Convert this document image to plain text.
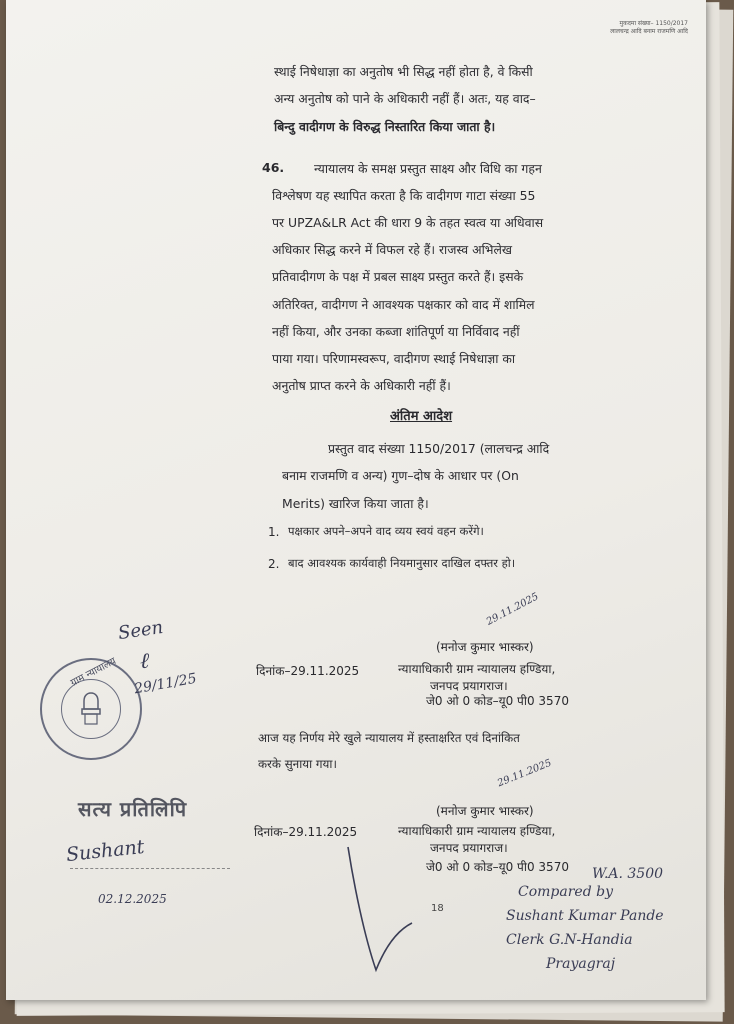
मुकदमा संख्या– 1150/2017
लालचन्द्र आदि बनाम राजमणि आदि
स्थाई निषेधाज्ञा का अनुतोष भी सिद्ध नहीं होता है, वे किसी
अन्य अनुतोष को पाने के अधिकारी नहीं हैं। अतः, यह वाद–
बिन्दु वादीगण के विरुद्ध निस्तारित किया जाता है।
46. न्यायालय के समक्ष प्रस्तुत साक्ष्य और विधि का गहन
विश्लेषण यह स्थापित करता है कि वादीगण गाटा संख्या 55
पर UPZA&LR Act की धारा 9 के तहत स्वत्व या अधिवास
अधिकार सिद्ध करने में विफल रहे हैं। राजस्व अभिलेख
प्रतिवादीगण के पक्ष में प्रबल साक्ष्य प्रस्तुत करते हैं। इसके
अतिरिक्त, वादीगण ने आवश्यक पक्षकार को वाद में शामिल
नहीं किया, और उनका कब्जा शांतिपूर्ण या निर्विवाद नहीं
पाया गया। परिणामस्वरूप, वादीगण स्थाई निषेधाज्ञा का
अनुतोष प्राप्त करने के अधिकारी नहीं हैं।
अंतिम आदेश
प्रस्तुत वाद संख्या 1150/2017 (लालचन्द्र आदि
बनाम राजमणि व अन्य) गुण–दोष के आधार पर (On
Merits) खारिज किया जाता है।
1. पक्षकार अपने–अपने वाद व्यय स्वयं वहन करेंगे।
2. बाद आवश्यक कार्यवाही नियमानुसार दाखिल दफ्तर हो।
(मनोज कुमार भास्कर)
दिनांक–29.11.2025	न्यायाधिकारी ग्राम न्यायालय हण्डिया,
जनपद प्रयागराज।
जे0 ओ 0 कोड–यू0 पी0 3570
आज यह निर्णय मेरे खुले न्यायालय में हस्ताक्षरित एवं दिनांकित
करके सुनाया गया।
(मनोज कुमार भास्कर)
दिनांक–29.11.2025	न्यायाधिकारी ग्राम न्यायालय हण्डिया,
जनपद प्रयागराज।
जे0 ओ 0 कोड–यू0 पी0 3570
ग्राम न्यायालय
सत्य प्रतिलिपि
Seen
ℓ
29/11/25
29.11.2025
29.11.2025
Sushant
02.12.2025
W.A. 3500
Compared by
Sushant Kumar Pande
Clerk G.N-Handia
Prayagraj
18
